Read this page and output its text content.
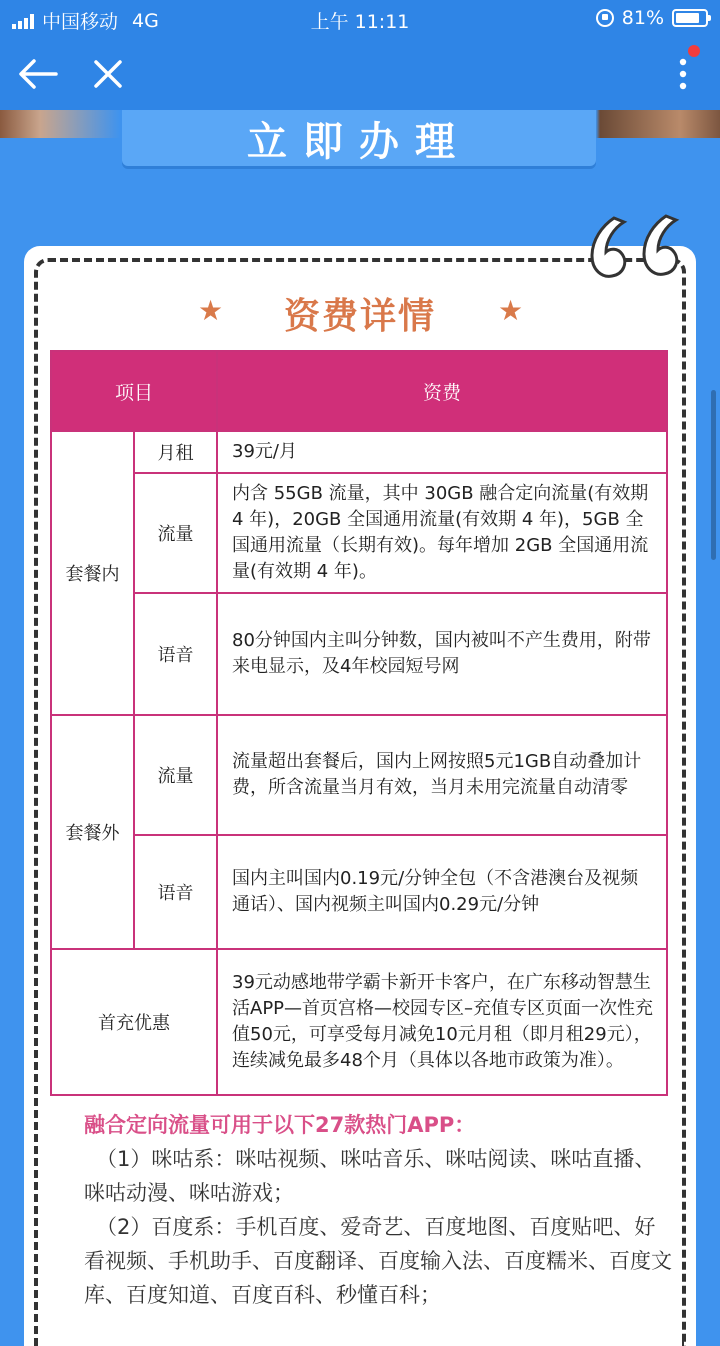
中国移动 4G	上午 11:11	81%
立即办理
★ 资费详情 ★
项目		资费
套餐内	月租	39元/月
	流量	内含 55GB 流量，其中 30GB 融合定向流量(有效期 4 年)，20GB 全国通用流量(有效期 4 年)，5GB 全国通用流量（长期有效)。每年增加 2GB 全国通用流量(有效期 4 年)。
	语音	80分钟国内主叫分钟数，国内被叫不产生费用，附带来电显示，及4年校园短号网
套餐外	流量	流量超出套餐后，国内上网按照5元1GB自动叠加计费，所含流量当月有效，当月未用完流量自动清零
	语音	国内主叫国内0.19元/分钟全包（不含港澳台及视频通话）、国内视频主叫国内0.29元/分钟
首充优惠		39元动感地带学霸卡新开卡客户，在广东移动智慧生活APP—首页宫格—校园专区–充值专区页面一次性充值50元，可享受每月减免10元月租（即月租29元），连续减免最多48个月（具体以各地市政策为准）。
融合定向流量可用于以下27款热门APP：
（1）咪咕系：咪咕视频、咪咕音乐、咪咕阅读、咪咕直播、咪咕动漫、咪咕游戏；
（2）百度系：手机百度、爱奇艺、百度地图、百度贴吧、好看视频、手机助手、百度翻译、百度输入法、百度糯米、百度文库、百度知道、百度百科、秒懂百科；
